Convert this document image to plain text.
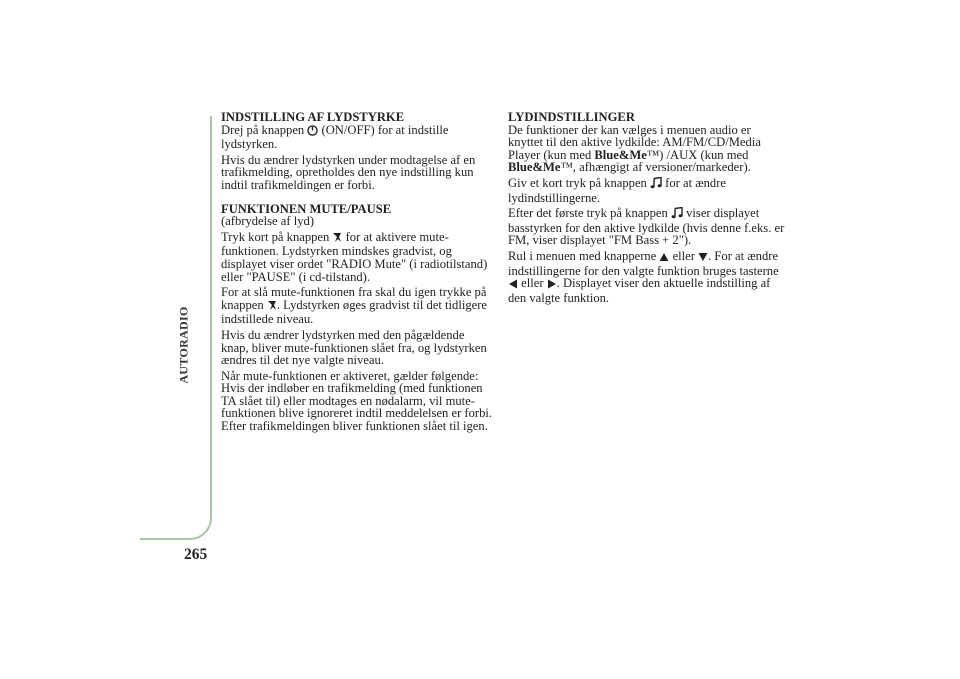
AUTORADIO
265

INDSTILLING AF LYDSTYRKE

Drej på knappen  (ON/OFF) for at indstille lydstyrken.

Hvis du ændrer lydstyrken under modtagelse af en trafikmelding, opretholdes den nye indstilling kun indtil trafikmeldingen er forbi.

FUNKTIONEN MUTE/PAUSE

(afbrydelse af lyd)

Tryk kort på knappen  for at aktivere mute-funktionen. Lydstyrken mindskes gradvist, og displayet viser ordet "RADIO Mute" (i radiotilstand) eller "PAUSE" (i cd-tilstand).

For at slå mute-funktionen fra skal du igen trykke på knappen . Lydstyrken øges gradvist til det tidligere indstillede niveau.

Hvis du ændrer lydstyrken med den pågældende knap, bliver mute-funktionen slået fra, og lydstyrken ændres til det nye valgte niveau.

Når mute-funktionen er aktiveret, gælder følgende: Hvis der indløber en trafikmelding (med funktionen TA slået til) eller modtages en nødalarm, vil mute-funktionen blive ignoreret indtil meddelelsen er forbi. Efter trafikmeldingen bliver funktionen slået til igen.

LYDINDSTILLINGER

De funktioner der kan vælges i menuen audio er knyttet til den aktive lydkilde: AM/FM/CD/Media Player (kun med Blue&Me™) /AUX (kun med Blue&Me™, afhængigt af versioner/markeder).

Giv et kort tryk på knappen  for at ændre lydindstillingerne.

Efter det første tryk på knappen  viser displayet basstyrken for den aktive lydkilde (hvis denne f.eks. er FM, viser displayet "FM Bass + 2").

Rul i menuen med knapperne  eller . For at ændre indstillingerne for den valgte funktion bruges tasterne  eller . Displayet viser den aktuelle indstilling af den valgte funktion.
